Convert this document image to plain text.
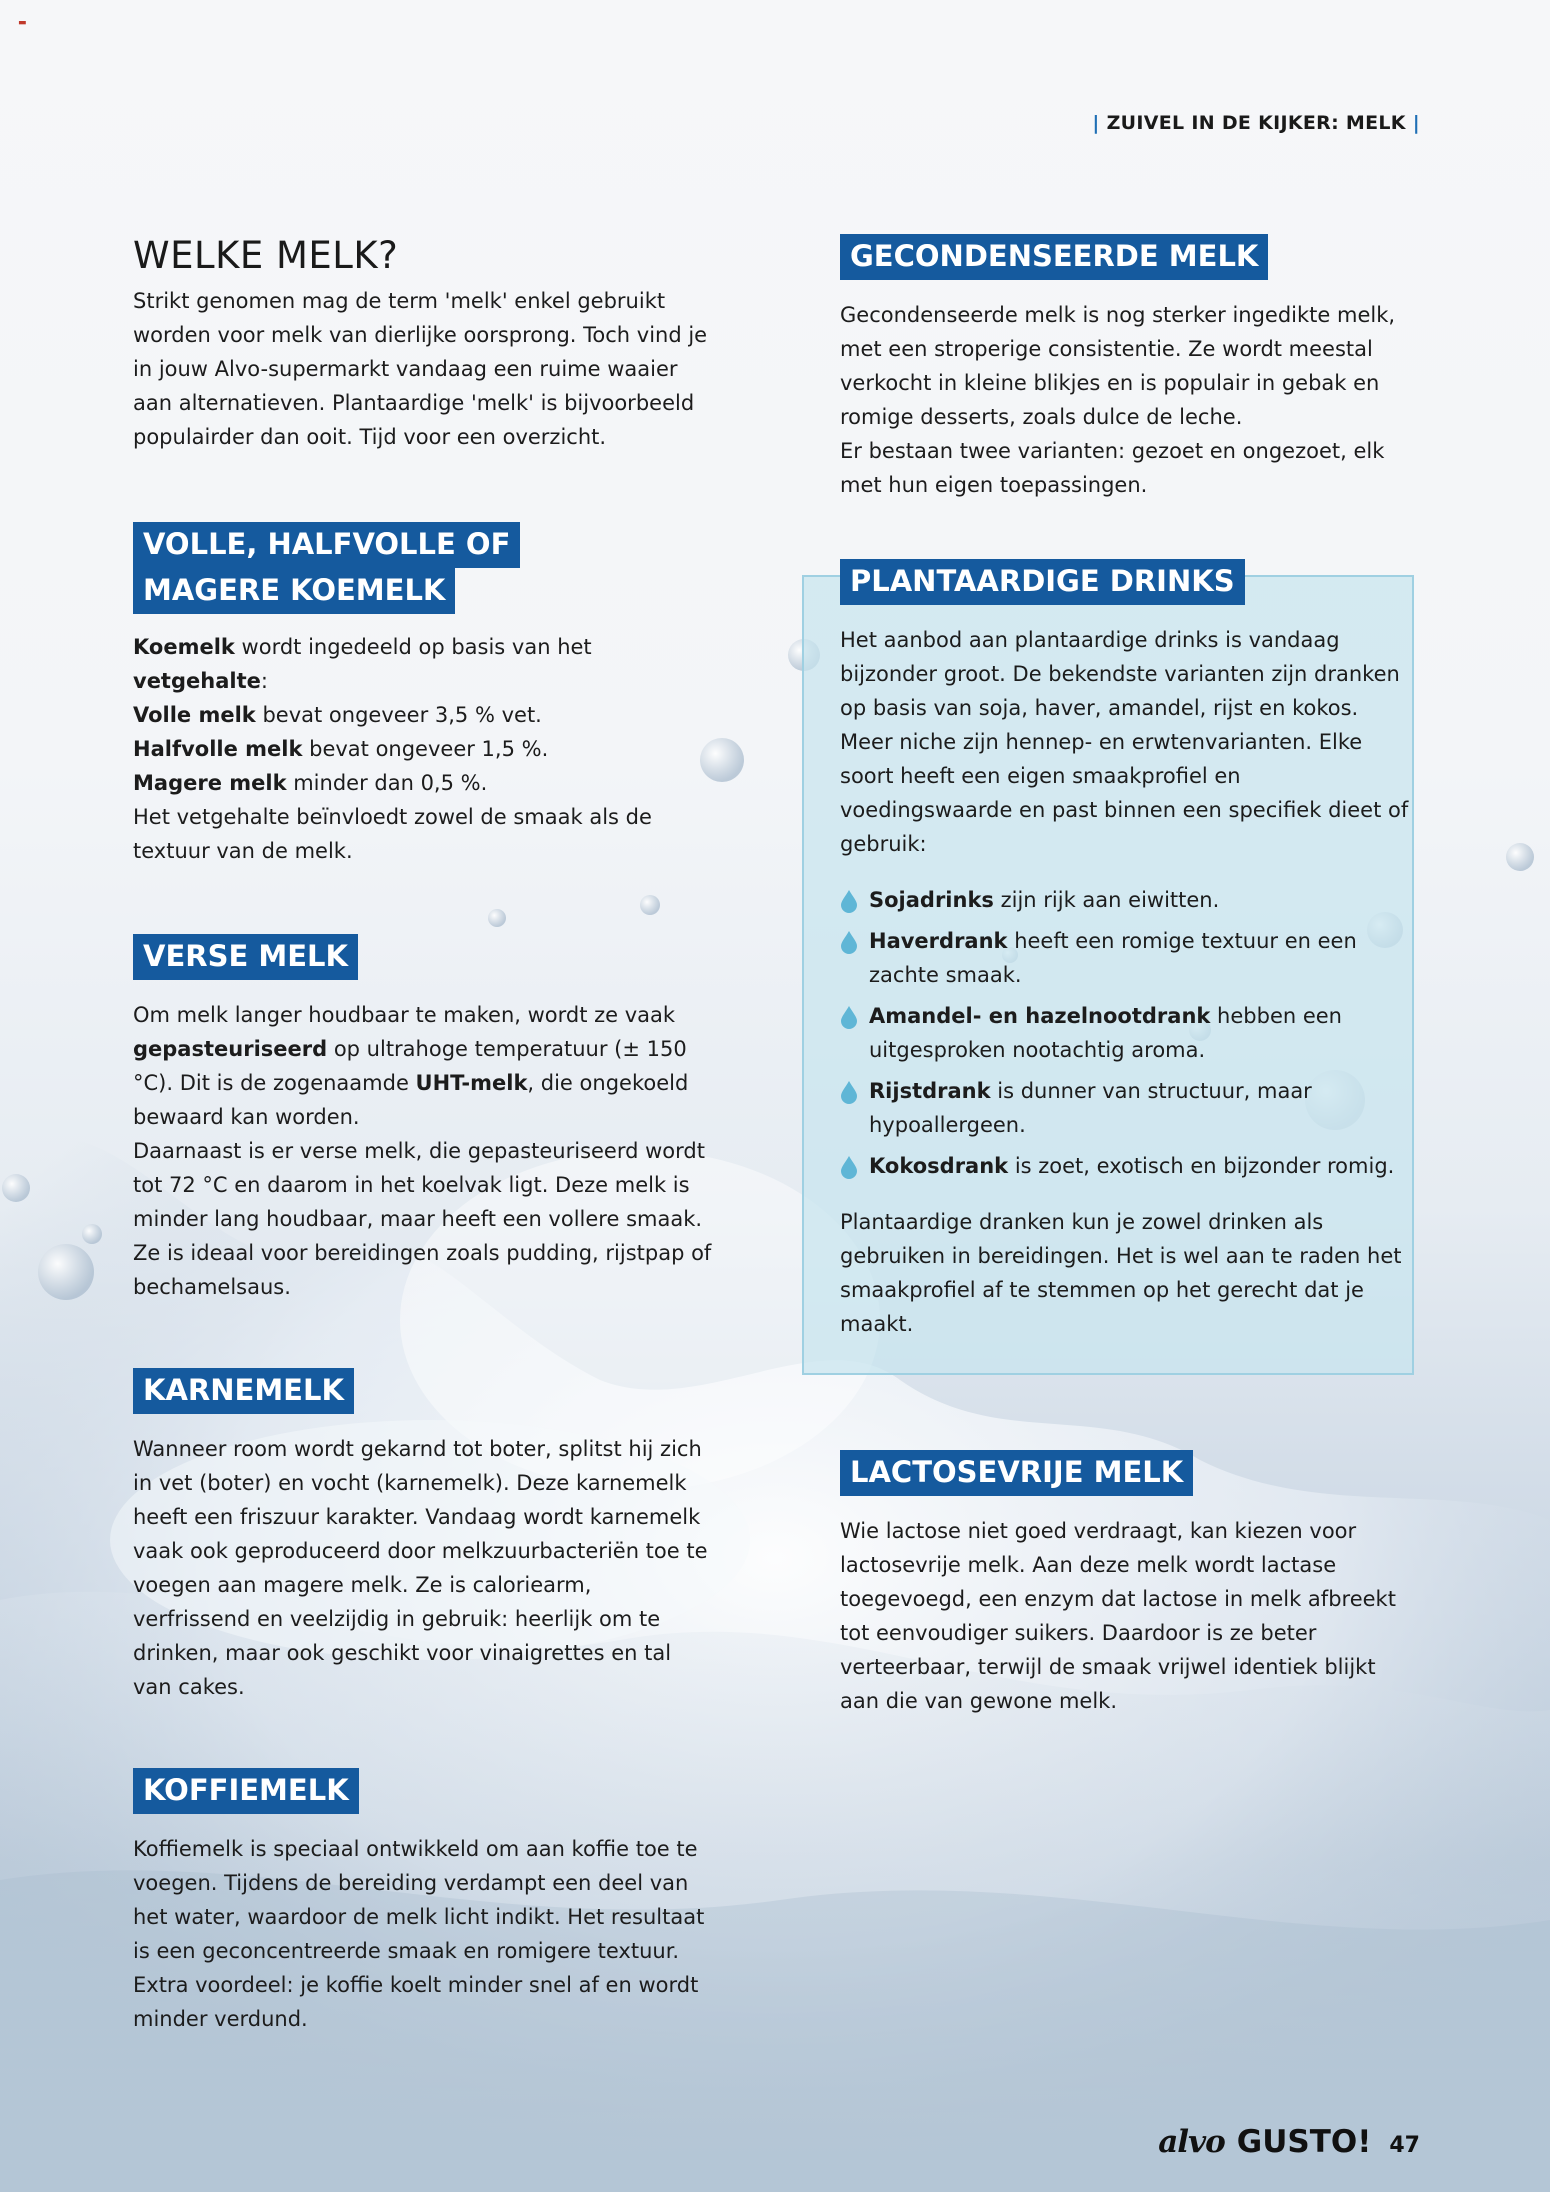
▬
| ZUIVEL IN DE KIJKER: MELK |
WELKE MELK?

Strikt genomen mag de term 'melk' enkel gebruikt worden voor melk van dierlijke oorsprong. Toch vind je in jouw Alvo-supermarkt vandaag een ruime waaier aan alternatieven. Plantaardige 'melk' is bijvoorbeeld populairder dan ooit. Tijd voor een overzicht.

VOLLE, HALFVOLLE OF
MAGERE KOEMELK

Koemelk wordt ingedeeld op basis van het vetgehalte:
Volle melk bevat ongeveer 3,5 % vet.
Halfvolle melk bevat ongeveer 1,5 %.
Magere melk minder dan 0,5 %.
Het vetgehalte beïnvloedt zowel de smaak als de textuur van de melk.

VERSE MELK

Om melk langer houdbaar te maken, wordt ze vaak gepasteuriseerd op ultrahoge temperatuur (± 150 °C). Dit is de zogenaamde UHT-melk, die ongekoeld bewaard kan worden.
Daarnaast is er verse melk, die gepasteuriseerd wordt tot 72 °C en daarom in het koelvak ligt. Deze melk is minder lang houdbaar, maar heeft een vollere smaak. Ze is ideaal voor bereidingen zoals pudding, rijstpap of bechamelsaus.

KARNEMELK

Wanneer room wordt gekarnd tot boter, splitst hij zich in vet (boter) en vocht (karnemelk). Deze karnemelk heeft een friszuur karakter. Vandaag wordt karnemelk vaak ook geproduceerd door melkzuurbacteriën toe te voegen aan magere melk. Ze is caloriearm, verfrissend en veelzijdig in gebruik: heerlijk om te drinken, maar ook geschikt voor vinaigrettes en tal van cakes.

KOFFIEMELK

Koffiemelk is speciaal ontwikkeld om aan koffie toe te voegen. Tijdens de bereiding verdampt een deel van het water, waardoor de melk licht indikt. Het resultaat is een geconcentreerde smaak en romigere textuur. Extra voordeel: je koffie koelt minder snel af en wordt minder verdund.

GECONDENSEERDE MELK

Gecondenseerde melk is nog sterker ingedikte melk, met een stroperige consistentie. Ze wordt meestal verkocht in kleine blikjes en is populair in gebak en romige desserts, zoals dulce de leche.
Er bestaan twee varianten: gezoet en ongezoet, elk met hun eigen toepassingen.

PLANTAARDIGE DRINKS

Het aanbod aan plantaardige drinks is vandaag bijzonder groot. De bekendste varianten zijn dranken op basis van soja, haver, amandel, rijst en kokos.
Meer niche zijn hennep- en erwtenvarianten. Elke soort heeft een eigen smaakprofiel en voedingswaarde en past binnen een specifiek dieet of gebruik:

Sojadrinks zijn rijk aan eiwitten.
Haverdrank heeft een romige textuur en een zachte smaak.
Amandel- en hazelnootdrank hebben een uitgesproken nootachtig aroma.
Rijstdrank is dunner van structuur, maar hypoallergeen.
Kokosdrank is zoet, exotisch en bijzonder romig.

Plantaardige dranken kun je zowel drinken als gebruiken in bereidingen. Het is wel aan te raden het smaakprofiel af te stemmen op het gerecht dat je maakt.

LACTOSEVRIJE MELK

Wie lactose niet goed verdraagt, kan kiezen voor lactosevrije melk. Aan deze melk wordt lactase toegevoegd, een enzym dat lactose in melk afbreekt tot eenvoudiger suikers. Daardoor is ze beter verteerbaar, terwijl de smaak vrijwel identiek blijkt aan die van gewone melk.

alvo GUSTO! 47
